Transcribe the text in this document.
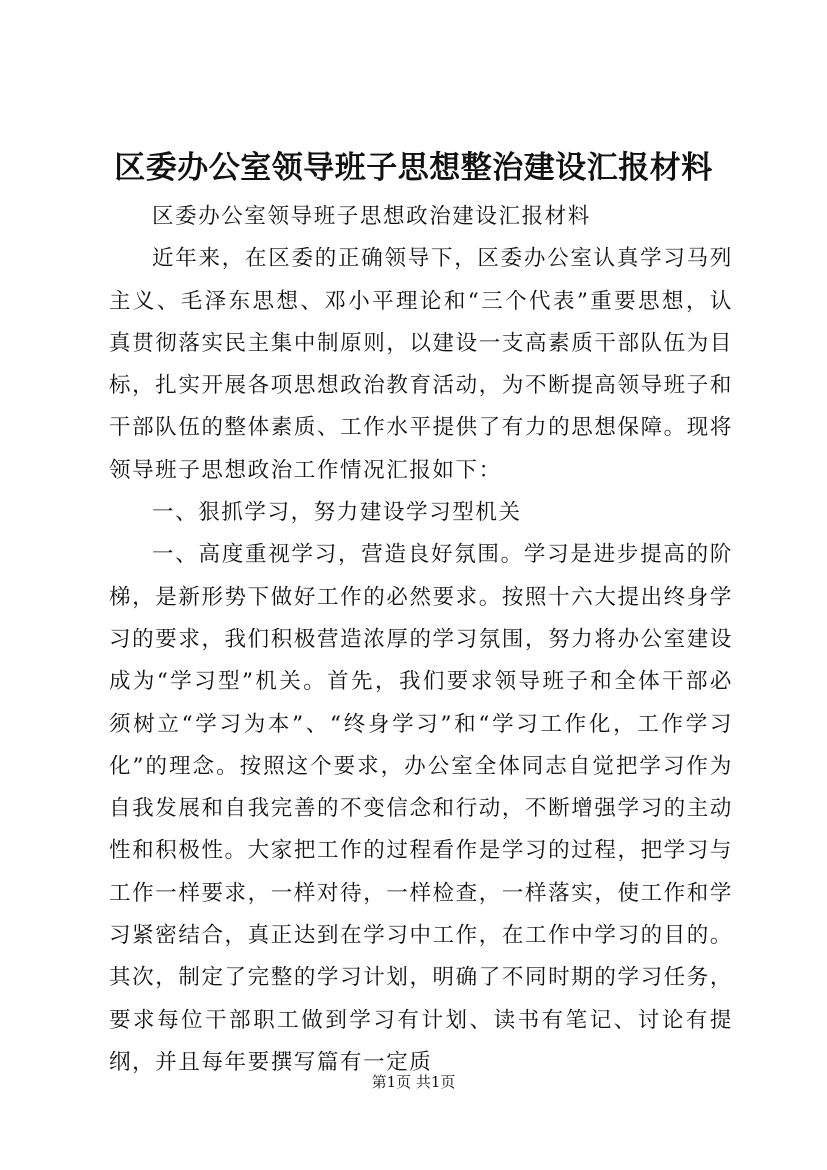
区委办公室领导班子思想整治建设汇报材料

区委办公室领导班子思想政治建设汇报材料

近年来，在区委的正确领导下，区委办公室认真学习马列主义、毛泽东思想、邓小平理论和“三个代表”重要思想，认真贯彻落实民主集中制原则，以建设一支高素质干部队伍为目标，扎实开展各项思想政治教育活动，为不断提高领导班子和干部队伍的整体素质、工作水平提供了有力的思想保障。现将领导班子思想政治工作情况汇报如下：

一、狠抓学习，努力建设学习型机关

一、高度重视学习，营造良好氛围。学习是进步提高的阶梯，是新形势下做好工作的必然要求。按照十六大提出终身学习的要求，我们积极营造浓厚的学习氛围，努力将办公室建设成为“学习型”机关。首先，我们要求领导班子和全体干部必须树立“学习为本”、“终身学习”和“学习工作化，工作学习化”的理念。按照这个要求，办公室全体同志自觉把学习作为自我发展和自我完善的不变信念和行动，不断增强学习的主动性和积极性。大家把工作的过程看作是学习的过程，把学习与工作一样要求，一样对待，一样检查，一样落实，使工作和学习紧密结合，真正达到在学习中工作，在工作中学习的目的。其次，制定了完整的学习计划，明确了不同时期的学习任务，要求每位干部职工做到学习有计划、读书有笔记、讨论有提纲，并且每年要撰写篇有一定质

第1页 共1页
